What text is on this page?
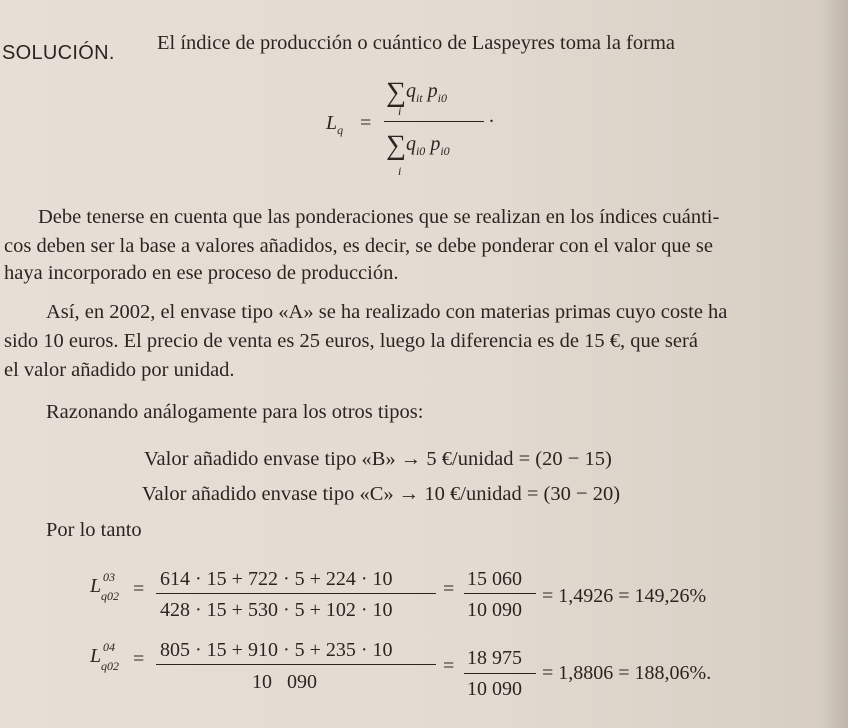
SOLUCIÓN. El índice de producción o cuántico de Laspeyres toma la forma
$L_q$ =
$\sum q_{it}$ $p_{i0}$
i
$\sum q_{i0}$ $p_{i0}$
i
.
Debe tenerse en cuenta que las ponderaciones que se realizan en los índices cuánti-
cos deben ser la base a valores añadidos, es decir, se debe ponderar con el valor que se
haya incorporado en ese proceso de producción.
Así, en 2002, el envase tipo «A» se ha realizado con materias primas cuyo coste ha
sido 10 euros. El precio de venta es 25 euros, luego la diferencia es de 15 €, que será
el valor añadido por unidad.
Razonando análogamente para los otros tipos:
Valor añadido envase tipo «B» → 5 €/unidad = (20 − 15)
Valor añadido envase tipo «C» → 10 €/unidad = (30 − 20)
Por lo tanto
L 03
q02 = 614 · 15 + 722 · 5 + 224 · 10
428 · 15 + 530 · 5 + 102 · 10
= 15 060
10 090
= 1,4926 = 149,26%
L 04
q02 = 805 · 15 + 910 · 5 + 235 · 10
10   090
= 18 975
10 090
= 1,8806 = 188,06%.
